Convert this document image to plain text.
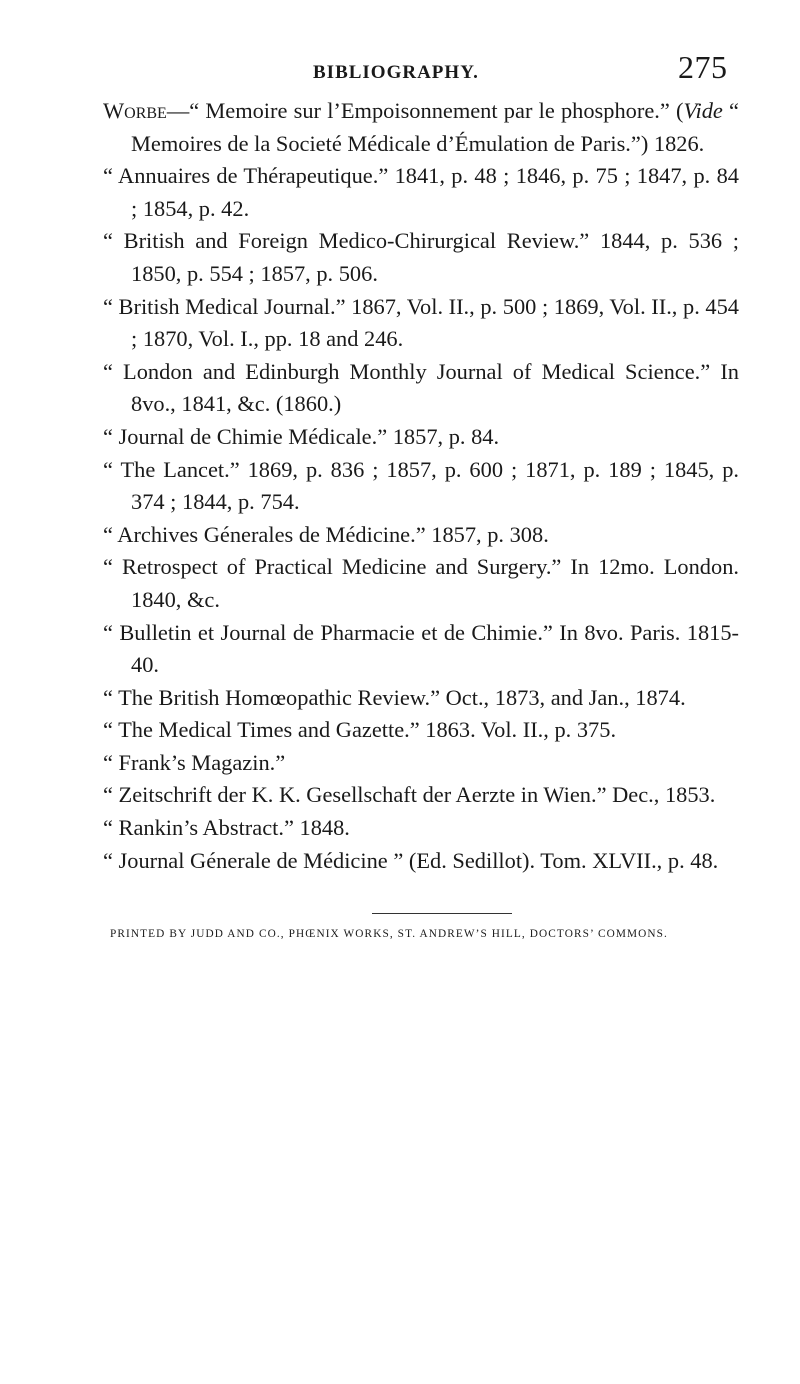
BIBLIOGRAPHY.	275
Worbe—“ Memoire sur l’Empoisonnement par le phosphore.” (Vide “ Memoires de la Societé Médicale d’Émulation de Paris.”) 1826.
“ Annuaires de Thérapeutique.” 1841, p. 48 ; 1846, p. 75 ; 1847, p. 84 ; 1854, p. 42.
“ British and Foreign Medico-Chirurgical Review.” 1844, p. 536 ; 1850, p. 554 ; 1857, p. 506.
“ British Medical Journal.” 1867, Vol. II., p. 500 ; 1869, Vol. II., p. 454 ; 1870, Vol. I., pp. 18 and 246.
“ London and Edinburgh Monthly Journal of Medical Science.” In 8vo., 1841, &c. (1860.)
“ Journal de Chimie Médicale.” 1857, p. 84.
“ The Lancet.” 1869, p. 836 ; 1857, p. 600 ; 1871, p. 189 ; 1845, p. 374 ; 1844, p. 754.
“ Archives Génerales de Médicine.” 1857, p. 308.
“ Retrospect of Practical Medicine and Surgery.” In 12mo. London. 1840, &c.
“ Bulletin et Journal de Pharmacie et de Chimie.” In 8vo. Paris. 1815-40.
“ The British Homœopathic Review.” Oct., 1873, and Jan., 1874.
“ The Medical Times and Gazette.” 1863. Vol. II., p. 375.
“ Frank’s Magazin.”
“ Zeitschrift der K. K. Gesellschaft der Aerzte in Wien.” Dec., 1853.
“ Rankin’s Abstract.” 1848.
“ Journal Génerale de Médicine ” (Ed. Sedillot). Tom. XLVII., p. 48.
PRINTED BY JUDD AND CO., PHŒNIX WORKS, ST. ANDREW’S HILL, DOCTORS’ COMMONS.
